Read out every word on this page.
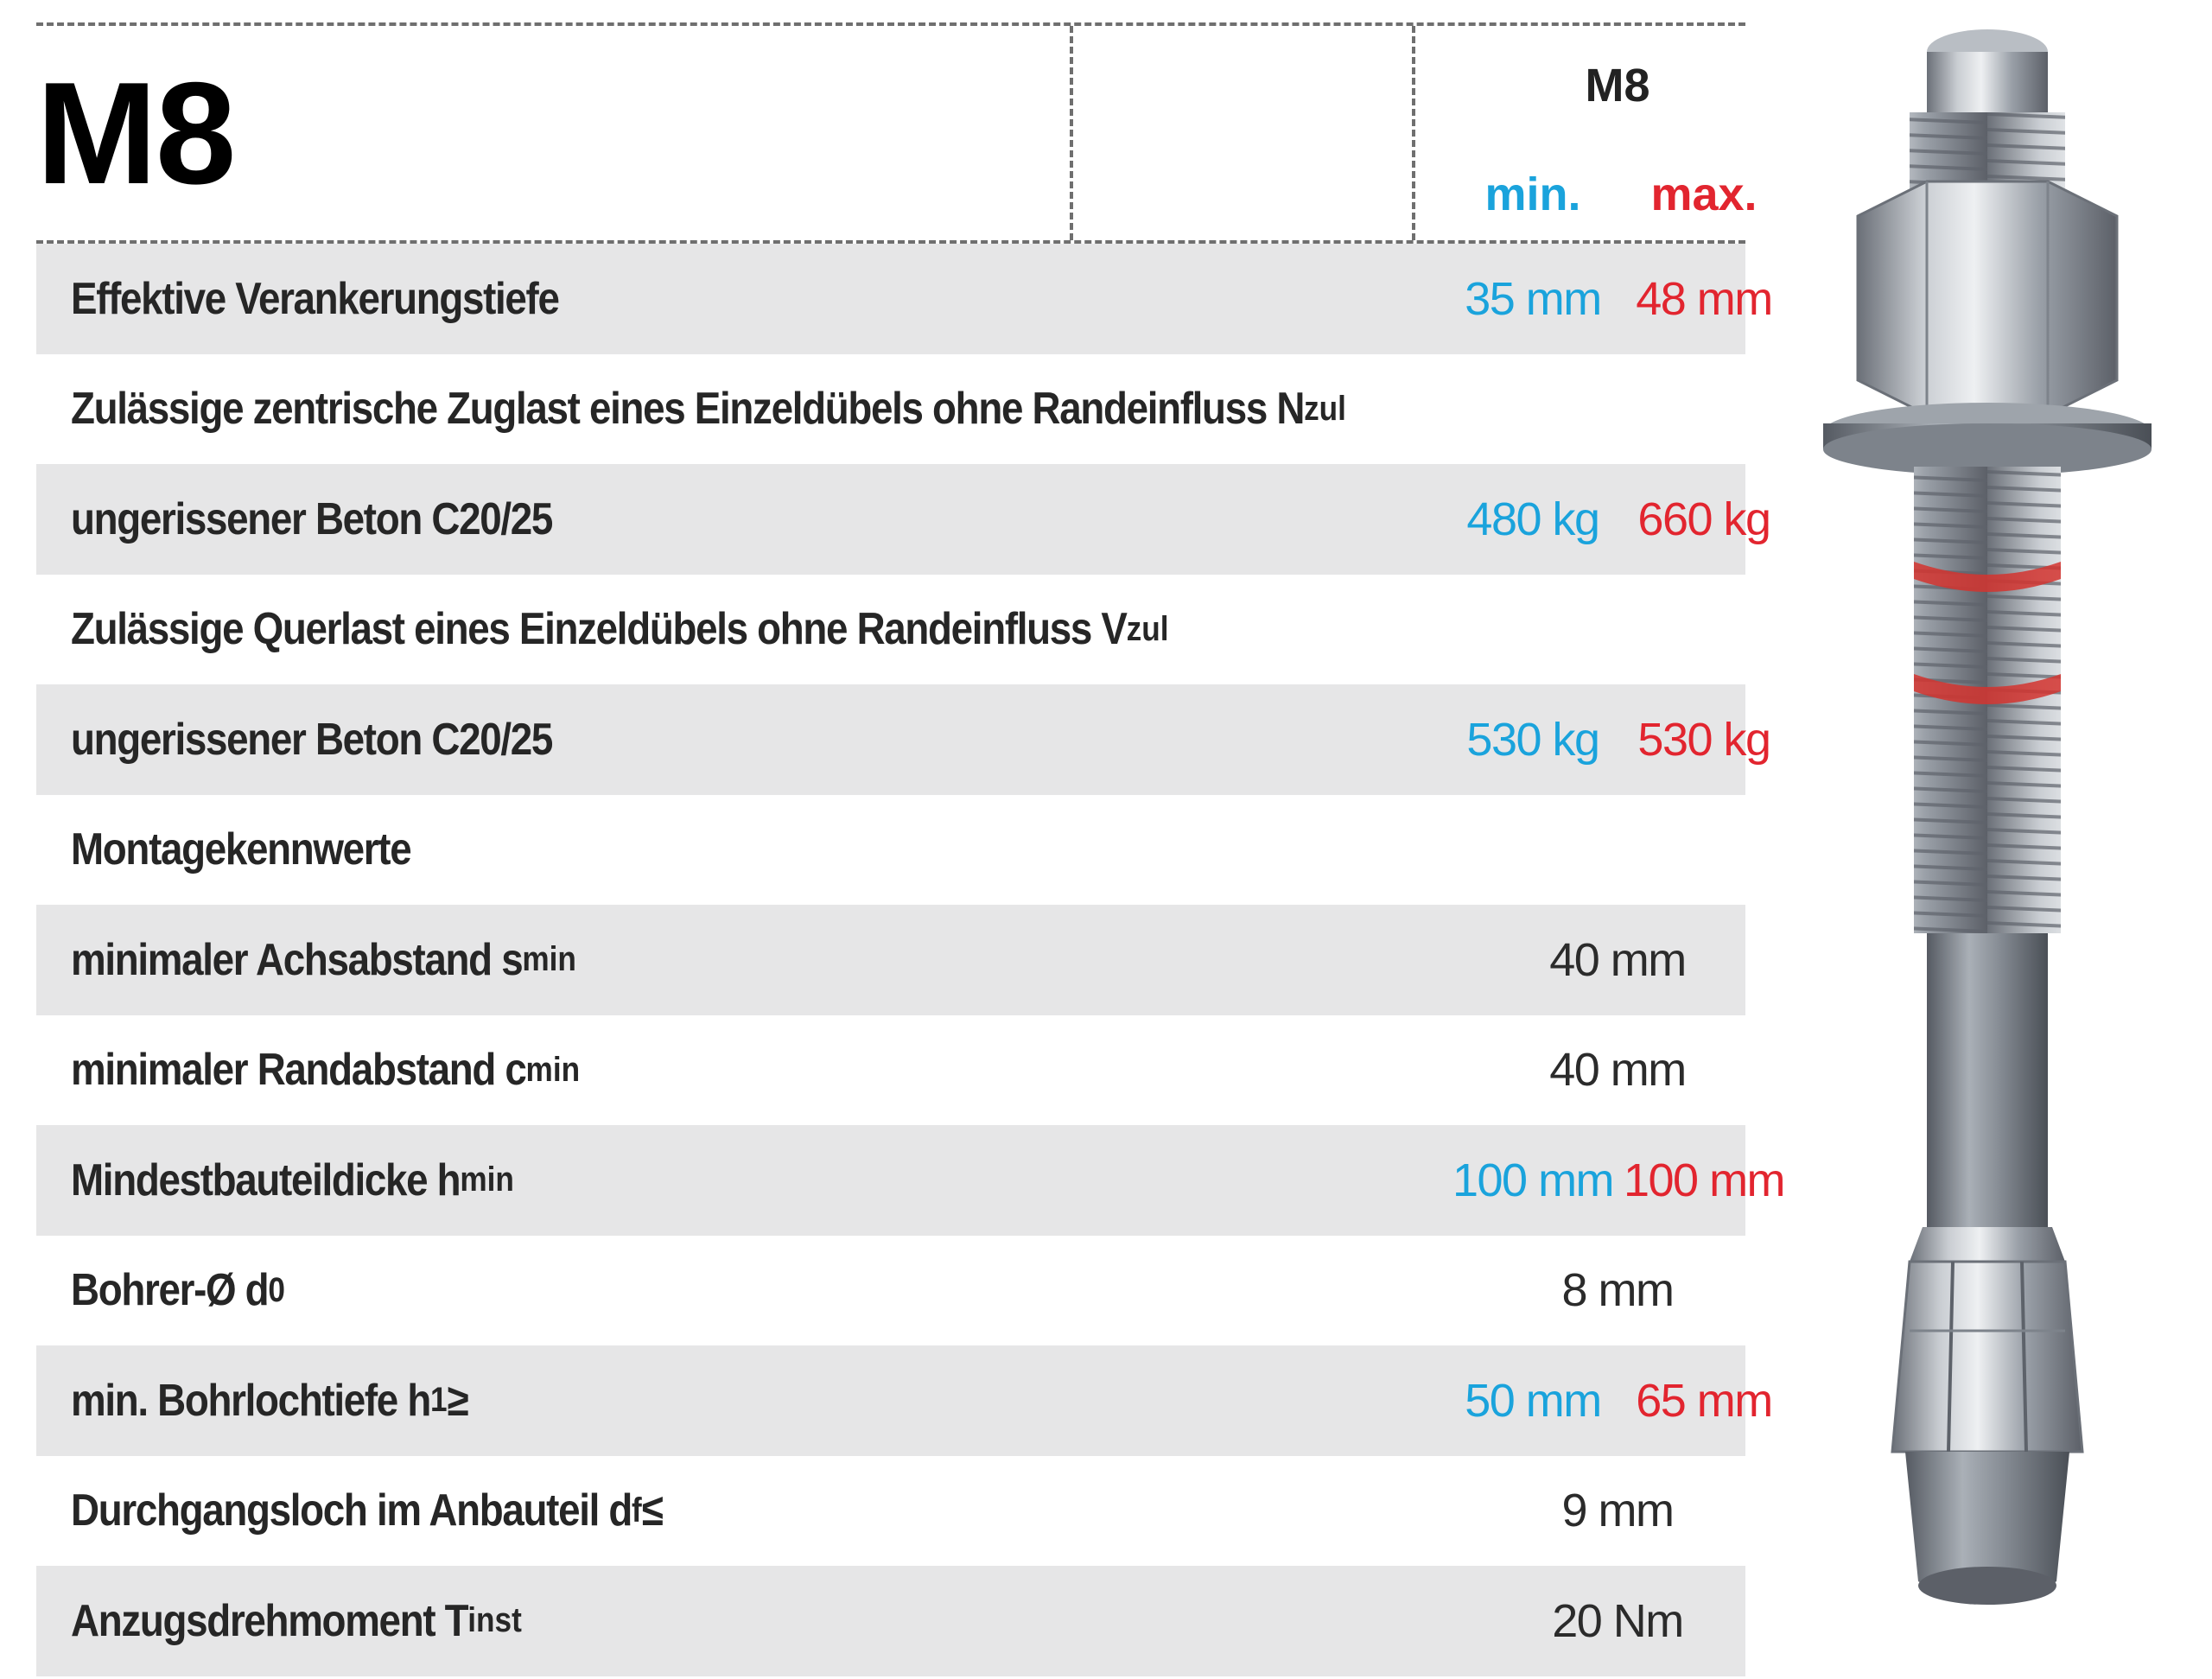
M8	M8
min.	max.
Effektive Verankerungstiefe	35 mm 48 mm
Zulässige zentrische Zuglast eines Einzeldübels ohne Randeinfluss N zul
ungerissener Beton C20/25	480 kg 660 kg
Zulässige Querlast eines Einzeldübels ohne Randeinfluss V zul
ungerissener Beton C20/25	530 kg 530 kg
Montagekennwerte
minimaler Achsabstand s min	40 mm
minimaler Randabstand c min	40 mm
Mindestbauteildicke h min	100 mm 100 mm
Bohrer-Ø d 0	8 mm
min. Bohrlochtiefe h 1 ≥	50 mm 65 mm
Durchgangsloch im Anbauteil d f ≤	9 mm
Anzugsdrehmoment T inst	20 Nm
